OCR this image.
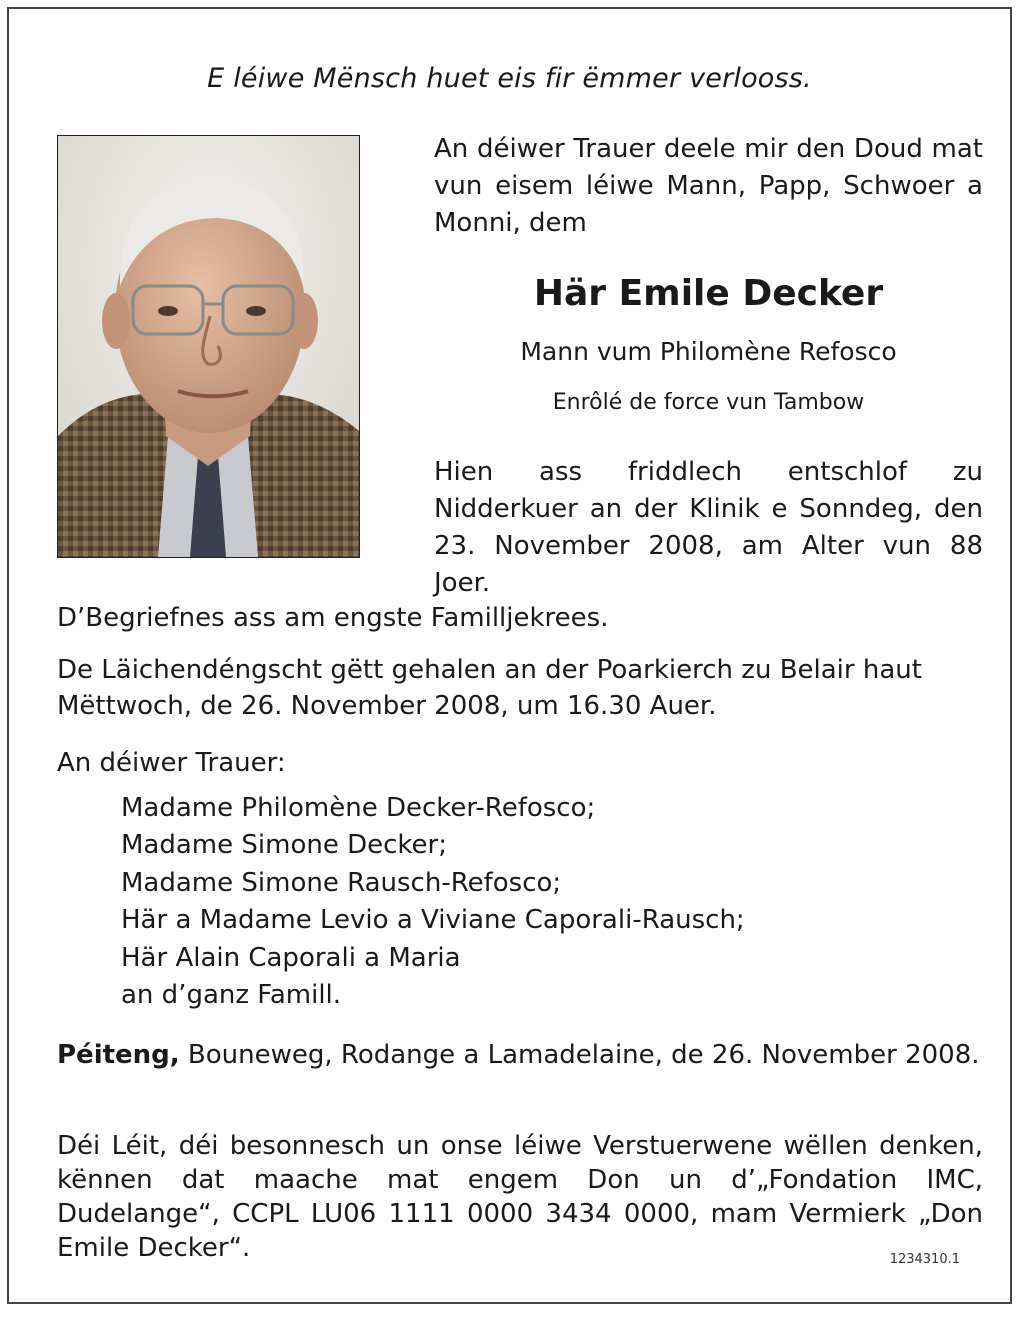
E léiwe Mënsch huet eis fir ëmmer verlooss.
An déiwer Trauer deele mir den Doud mat vun eisem léiwe Mann, Papp, Schwoer a Monni, dem
Här Emile Decker
Mann vum Philomène Refosco
Enrôlé de force vun Tambow
Hien ass friddlech entschlof zu Nidderkuer an der Klinik e Sonndeg, den 23. November 2008, am Alter vun 88 Joer.
D’Begriefnes ass am engste Familljekrees.
De Läichendéngscht gëtt gehalen an der Poarkierch zu Belair haut Mëttwoch, de 26. November 2008, um 16.30 Auer.
An déiwer Trauer:
Madame Philomène Decker-Refosco;
Madame Simone Decker;
Madame Simone Rausch-Refosco;
Här a Madame Levio a Viviane Caporali-Rausch;
Här Alain Caporali a Maria
an d’ganz Famill.
Péiteng, Bouneweg, Rodange a Lamadelaine, de 26. November 2008.
Déi Léit, déi besonnesch un onse léiwe Verstuerwene wëllen denken, kënnen dat maache mat engem Don un d’„Fondation IMC, Dudelange“, CCPL LU06 1111 0000 3434 0000, mam Vermierk „Don Emile Decker“.	1234310.1
